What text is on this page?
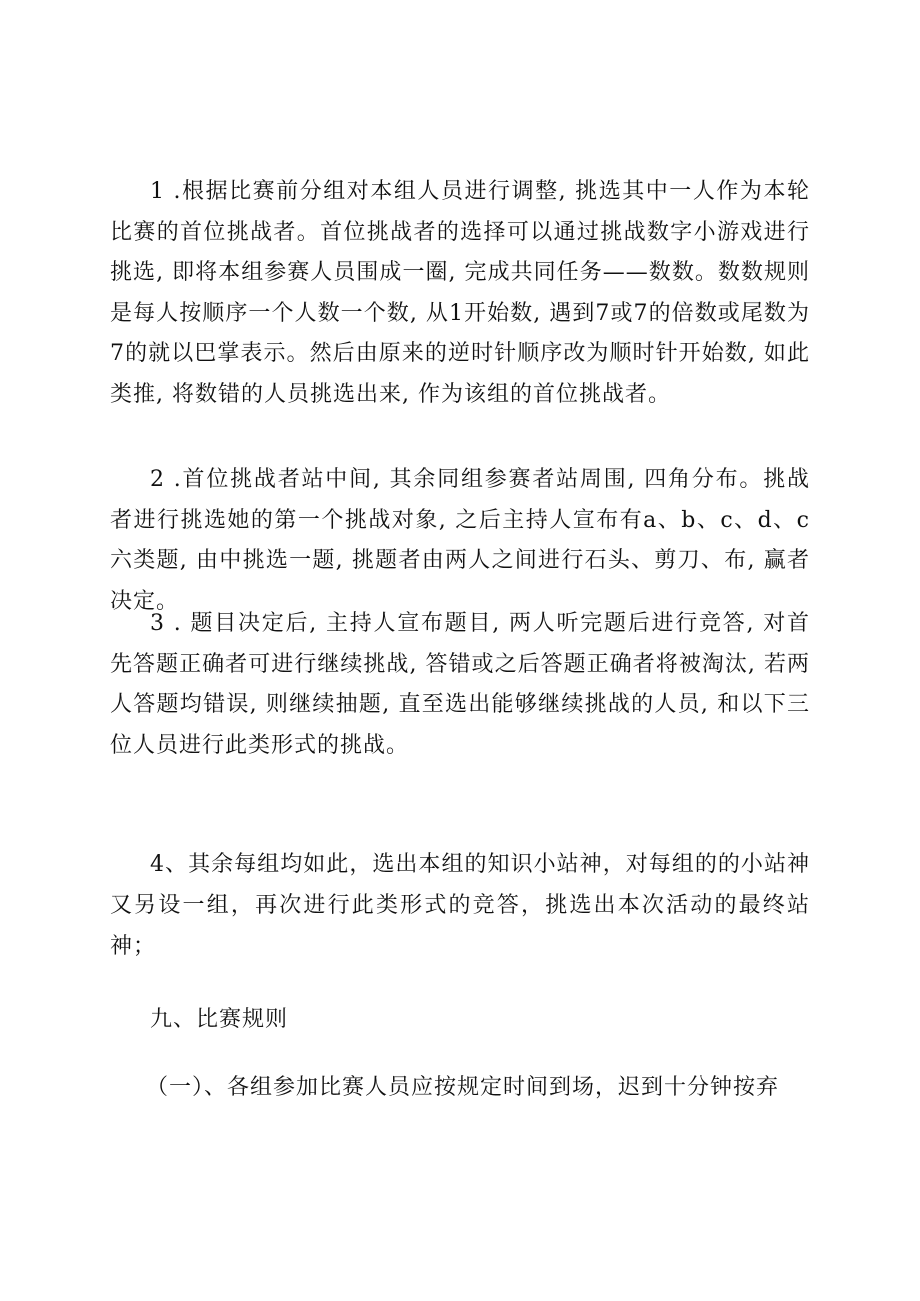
1 .根据比赛前分组对本组人员进行调整, 挑选其中一人作为本轮比赛的首位挑战者。首位挑战者的选择可以通过挑战数字小游戏进行挑选, 即将本组参赛人员围成一圈, 完成共同任务——数数。数数规则是每人按顺序一个人数一个数, 从1开始数, 遇到7或7的倍数或尾数为7的就以巴掌表示。然后由原来的逆时针顺序改为顺时针开始数, 如此类推, 将数错的人员挑选出来, 作为该组的首位挑战者。

2 .首位挑战者站中间, 其余同组参赛者站周围, 四角分布。挑战者进行挑选她的第一个挑战对象, 之后主持人宣布有a、b、c、d、c六类题, 由中挑选一题, 挑题者由两人之间进行石头、剪刀、布, 赢者决定。

3 . 题目决定后, 主持人宣布题目, 两人听完题后进行竞答, 对首先答题正确者可进行继续挑战, 答错或之后答题正确者将被淘汰, 若两人答题均错误, 则继续抽题, 直至选出能够继续挑战的人员, 和以下三位人员进行此类形式的挑战。

4、其余每组均如此，选出本组的知识小站神，对每组的的小站神又另设一组，再次进行此类形式的竞答，挑选出本次活动的最终站神；

九、比赛规则

（一）、各组参加比赛人员应按规定时间到场，迟到十分钟按弃
